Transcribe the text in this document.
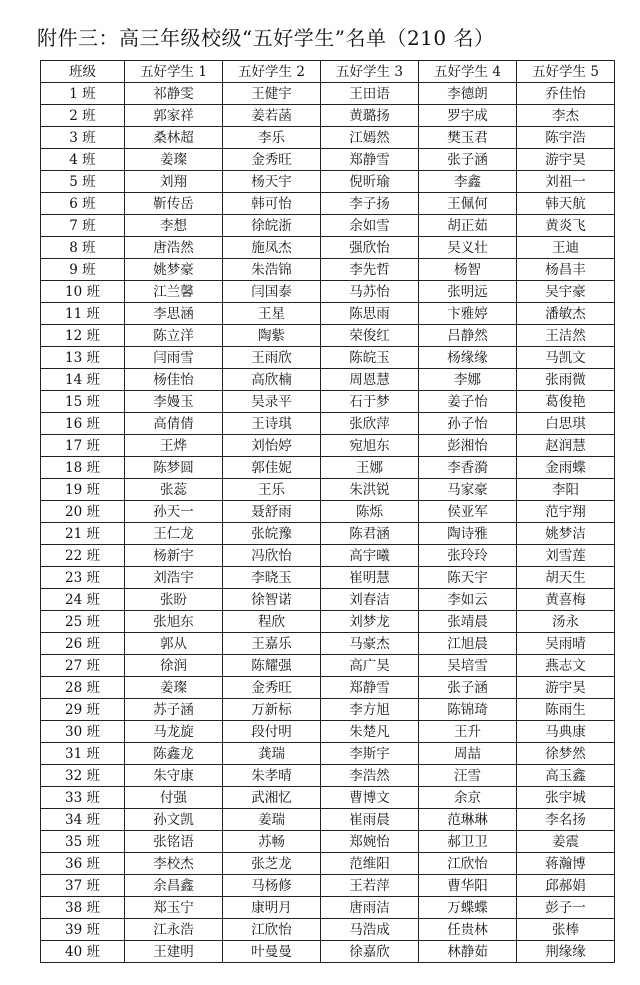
附件三：高三年级校级“五好学生”名单（210 名）
班级	五好学生 1	五好学生 2	五好学生 3	五好学生 4	五好学生 5
1 班	祁静雯	王健宇	王田语	李德朗	乔佳怡
2 班	郭家祥	姜若菡	黄璐扬	罗宇成	李杰
3 班	桑林超	李乐	江嫣然	樊玉君	陈宇浩
4 班	姜璨	金秀旺	郑静雪	张子涵	游宇昊
5 班	刘翔	杨天宇	倪昕瑜	李鑫	刘祖一
6 班	靳传岳	韩可怡	李子扬	王佩何	韩天航
7 班	李想	徐皖浙	余如雪	胡正茹	黄炎飞
8 班	唐浩然	施凤杰	强欣怡	吴义壮	王迪
9 班	姚梦豪	朱浩锦	李先哲	杨智	杨昌丰
10 班	江兰馨	闫国泰	马苏怡	张明远	吴宇豪
11 班	李思涵	王星	陈思雨	卞雅婷	潘敏杰
12 班	陈立洋	陶紫	荣俊红	吕静然	王洁然
13 班	闫雨雪	王雨欣	陈皖玉	杨缘缘	马凯文
14 班	杨佳怡	高欣楠	周恩慧	李娜	张雨微
15 班	李嫚玉	吴录平	石于梦	姜子怡	葛俊艳
16 班	高倩倩	王诗琪	张欣萍	孙子怡	白思琪
17 班	王烨	刘怡婷	宛旭东	彭湘怡	赵润慧
18 班	陈梦圆	郭佳妮	王娜	李香漪	金雨蝶
19 班	张蕊	王乐	朱洪锐	马家豪	李阳
20 班	孙天一	聂舒雨	陈烁	侯亚军	范宇翔
21 班	王仁龙	张皖豫	陈君涵	陶诗雅	姚梦洁
22 班	杨新宇	冯欣怡	高宇曦	张玲玲	刘雪莲
23 班	刘浩宇	李晓玉	崔明慧	陈天宇	胡天生
24 班	张盼	徐智诺	刘春洁	李如云	黄喜梅
25 班	张旭东	程欣	刘梦龙	张靖晨	汤永
26 班	郭从	王嘉乐	马豪杰	江旭晨	吴雨晴
27 班	徐润	陈耀强	高广昊	吴培雪	燕志文
28 班	姜璨	金秀旺	郑静雪	张子涵	游宇昊
29 班	苏子涵	万新标	李方旭	陈锦琦	陈雨生
30 班	马龙旋	段付明	朱楚凡	王升	马典康
31 班	陈鑫龙	龚瑞	李斯宇	周喆	徐梦然
32 班	朱守康	朱孝晴	李浩然	汪雪	高玉鑫
33 班	付强	武湘忆	曹博文	余京	张宇城
34 班	孙文凯	姜瑞	崔雨晨	范琳琳	李名扬
35 班	张铭语	苏畅	郑婉怡	郝卫卫	姜震
36 班	李校杰	张芝龙	范维阳	江欣怡	蒋瀚博
37 班	余昌鑫	马杨修	王若萍	曹华阳	邱郝娟
38 班	郑玉宁	康明月	唐雨洁	万蝶蝶	彭子一
39 班	江永浩	江欣怡	马浩成	任贵林	张棒
40 班	王建明	叶曼曼	徐嘉欣	林静茹	荆缘缘
